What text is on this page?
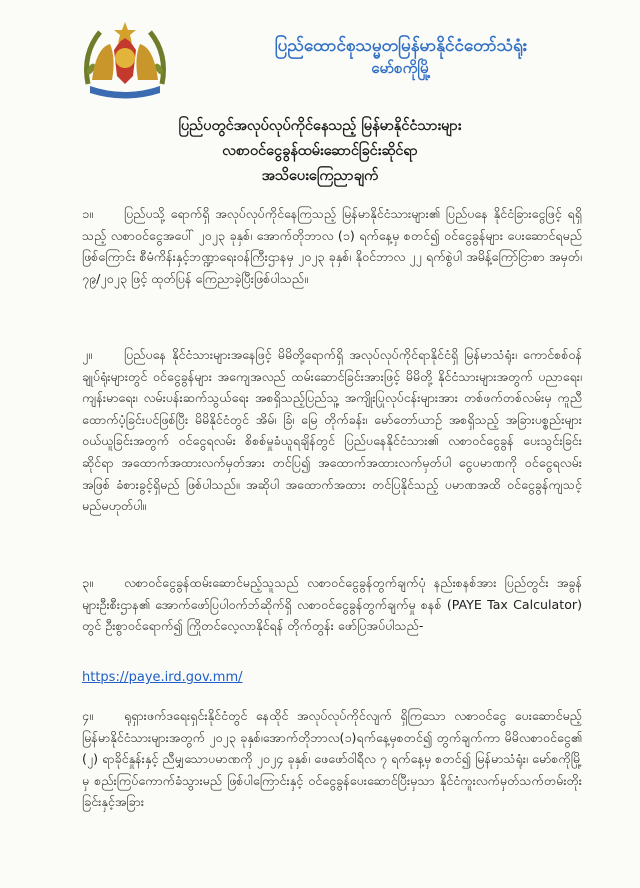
ပြည်ထောင်စုသမ္မတမြန်မာနိုင်ငံတော်သံရုံး
မော်စကိုမြို့
ပြည်ပတွင်အလုပ်လုပ်ကိုင်နေသည့် မြန်မာနိုင်ငံသားများ
လစာဝင်ငွေခွန်ထမ်းဆောင်ခြင်းဆိုင်ရာ
အသိပေးကြေညာချက်
၁။ ပြည်ပသို့ ရောက်ရှိ အလုပ်လုပ်ကိုင်နေကြသည့် မြန်မာနိုင်ငံသားများ၏ ပြည်ပနေ နိုင်ငံခြားငွေဖြင့် ရရှိသည့် လစာဝင်ငွေအပေါ် ၂၀၂၃ ခုနှစ်၊ အောက်တိုဘာလ (၁) ရက်နေ့မှ စတင်၍ ဝင်ငွေခွန်များ ပေးဆောင်ရမည်ဖြစ်ကြောင်း စီမံကိန်းနှင့်ဘဏ္ဍာရေးဝန်ကြီးဌာနမှ ၂၀၂၃ ခုနှစ်၊ နိုဝင်ဘာလ ၂၂ ရက်စွဲပါ အမိန့်ကြော်ငြာစာ အမှတ်၊ ၇၉/၂၀၂၃ ဖြင့် ထုတ်ပြန် ကြေညာခဲ့ပြီးဖြစ်ပါသည်။
၂။	ပြည်ပနေ နိုင်ငံသားများအနေဖြင့် မိမိတို့ရောက်ရှိ အလုပ်လုပ်ကိုင်ရာနိုင်ငံရှိ မြန်မာသံရုံး၊ ကောင်စစ်ဝန်ချုပ်ရုံးများတွင် ဝင်ငွေခွန်များ အကျေအလည် ထမ်းဆောင်ခြင်းအားဖြင့် မိမိတို့ နိုင်ငံသားများအတွက် ပညာရေး၊ ကျန်းမာရေး၊ လမ်းပန်းဆက်သွယ်ရေး အစရှိသည့်ပြည်သူ့ အကျိုးပြုလုပ်ငန်းများအား တစ်ဖက်တစ်လမ်းမှ ကူညီထောက်ပံ့ခြင်းပင်ဖြစ်ပြီး မိမိနိုင်ငံတွင် အိမ်၊ ခြံ၊ မြေ တိုက်ခန်း၊ မော်တော်ယာဉ် အစရှိသည့် အခြားပစ္စည်းများ ဝယ်ယူခြင်းအတွက် ဝင်ငွေရလမ်း စိစစ်မှုခံယူရချိန်တွင် ပြည်ပနေနိုင်ငံသား၏ လစာဝင်ငွေခွန် ပေးသွင်းခြင်းဆိုင်ရာ အထောက်အထားလက်မှတ်အား တင်ပြ၍ အထောက်အထားလက်မှတ်ပါ ငွေပမာဏကို ဝင်ငွေရလမ်းအဖြစ် ခံစားခွင့်ရှိမည် ဖြစ်ပါသည်။ အဆိုပါ အထောက်အထား တင်ပြနိုင်သည့် ပမာဏအထိ ဝင်ငွေခွန်ကျသင့်မည်မဟုတ်ပါ။
၃။ လစာဝင်ငွေခွန်ထမ်းဆောင်မည့်သူသည် လစာဝင်ငွေခွန်တွက်ချက်ပုံ နည်းစနစ်အား ပြည်တွင်း အခွန်များဦးစီးဌာန၏ အောက်ဖော်ပြပါဝက်ဘ်ဆိုက်ရှိ လစာဝင်ငွေခွန်တွက်ချက်မှု စနစ် (PAYE Tax Calculator) တွင် ဦးစွာဝင်ရောက်၍ ကြိုတင်လေ့လာနိုင်ရန် တိုက်တွန်း ဖော်ပြအပ်ပါသည်-
https://paye.ird.gov.mm/
၄။ ရုရှားဖက်ဒရေးရှင်းနိုင်ငံတွင် နေထိုင် အလုပ်လုပ်ကိုင်လျက် ရှိကြသော လစာဝင်ငွေ ပေးဆောင်မည့်မြန်မာနိုင်ငံသားများအတွက် ၂၀၂၃ ခုနှစ်၊အောက်တိုဘာလ(၁)ရက်နေ့မှစတင်၍ တွက်ချက်ကာ မိမိလစာဝင်ငွေ၏ (၂) ရာခိုင်နှုန်းနှင့် ညီမျှသောပမာဏကို ၂၀၂၄ ခုနှစ်၊ ဖေဖော်ဝါရီလ ၇ ရက်နေ့မှ စတင်၍ မြန်မာသံရုံး၊ မော်စကိုမြို့မှ စည်းကြပ်ကောက်ခံသွားမည် ဖြစ်ပါကြောင်းနှင့် ဝင်ငွေခွန်ပေးဆောင်ပြီးမှသာ နိုင်ငံကူးလက်မှတ်သက်တမ်းတိုးခြင်းနှင့်အခြား
